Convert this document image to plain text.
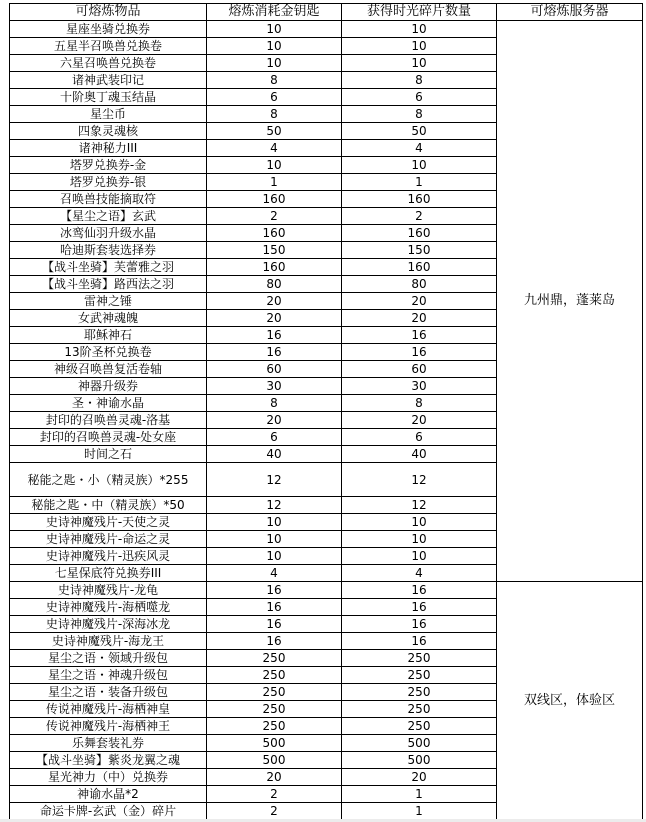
可熔炼物品	熔炼消耗金钥匙	获得时光碎片数量	可熔炼服务器
星座坐骑兑换券	10	10	九州鼎，蓬莱岛
五星半召唤兽兑换卷	10	10	
六星召唤兽兑换卷	10	10	
诸神武装印记	8	8	
十阶奥丁魂玉结晶	6	6	
星尘币	8	8	
四象灵魂核	50	50	
诸神秘力III	4	4	
塔罗兑换券-金	10	10	
塔罗兑换券-银	1	1	
召唤兽技能摘取符	160	160	
【星尘之语】玄武	2	2	
冰鸾仙羽升级水晶	160	160	
哈迪斯套装选择券	150	150	
【战斗坐骑】芙蕾雅之羽	160	160	
【战斗坐骑】路西法之羽	80	80	
雷神之锤	20	20	
女武神魂魄	20	20	
耶稣神石	16	16	
13阶圣杯兑换卷	16	16	
神级召唤兽复活卷轴	60	60	
神器升级券	30	30	
圣・神谕水晶	8	8	
封印的召唤兽灵魂-洛基	20	20	
封印的召唤兽灵魂-处女座	6	6	
时间之石	40	40	
秘能之匙・小（精灵族）*255	12	12	
秘能之匙・中（精灵族）*50	12	12	
史诗神魔残片-天使之灵	10	10	
史诗神魔残片-命运之灵	10	10	
史诗神魔残片-迅疾风灵	10	10	
七星保底符兑换券III	4	4	
史诗神魔残片-龙龟	16	16	双线区，体验区
史诗神魔残片-海栖噬龙	16	16	
史诗神魔残片-深海冰龙	16	16	
史诗神魔残片-海龙王	16	16	
星尘之语・领域升级包	250	250	
星尘之语・神魂升级包	250	250	
星尘之语・装备升级包	250	250	
传说神魔残片-海栖神皇	250	250	
传说神魔残片-海栖神王	250	250	
乐舞套装礼券	500	500	
【战斗坐骑】紫炎龙翼之魂	500	500	
星光神力（中）兑换券	20	20	
神谕水晶*2	2	1	
命运卡牌-玄武（金）碎片	2	1	
